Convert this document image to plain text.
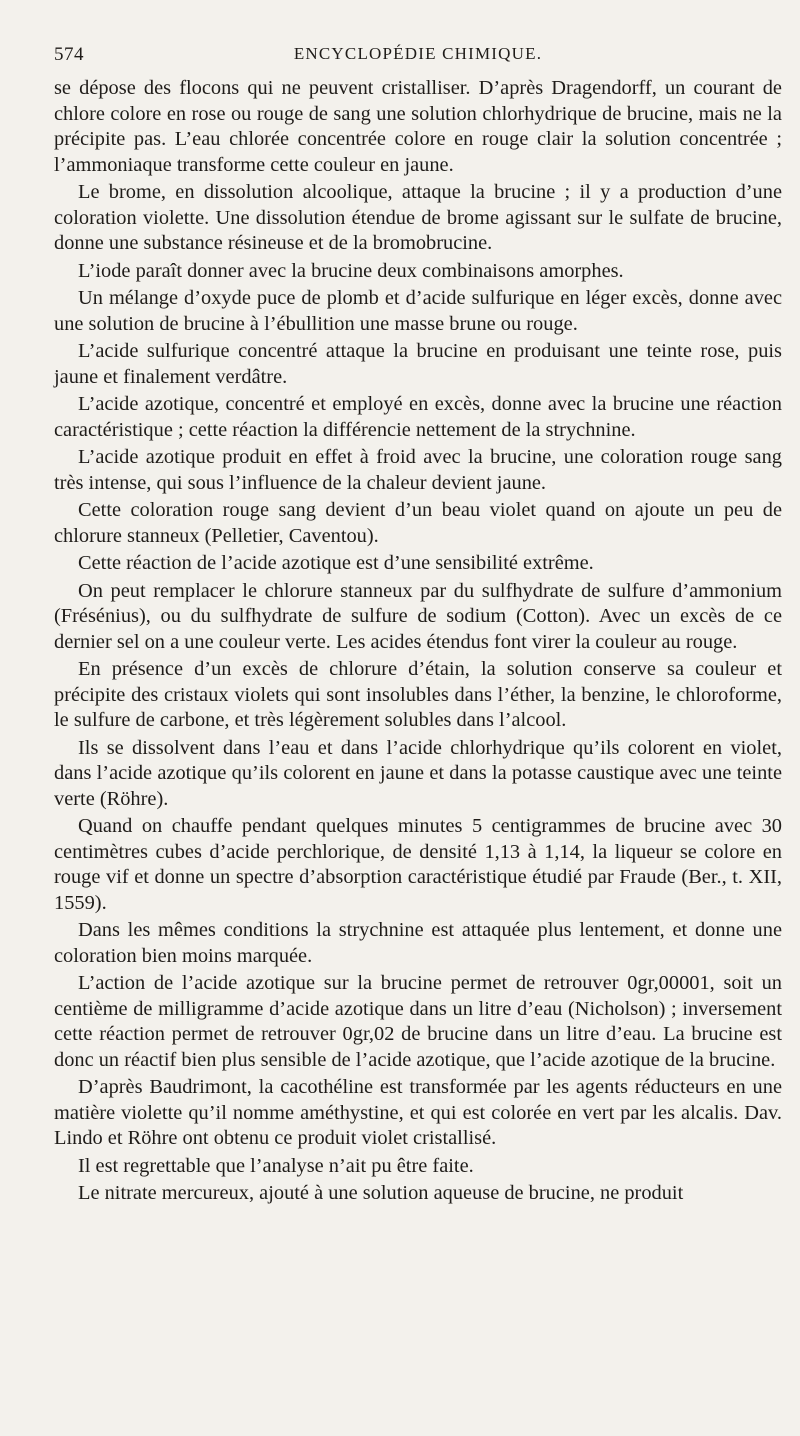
574	ENCYCLOPÉDIE CHIMIQUE.

se dépose des flocons qui ne peuvent cristalliser. D’après Dragendorff, un courant de chlore colore en rose ou rouge de sang une solution chlorhydrique de brucine, mais ne la précipite pas. L’eau chlorée concentrée colore en rouge clair la solution concentrée ; l’ammoniaque transforme cette couleur en jaune.

Le brome, en dissolution alcoolique, attaque la brucine ; il y a production d’une coloration violette. Une dissolution étendue de brome agissant sur le sulfate de brucine, donne une substance résineuse et de la bromobrucine.

L’iode paraît donner avec la brucine deux combinaisons amorphes.

Un mélange d’oxyde puce de plomb et d’acide sulfurique en léger excès, donne avec une solution de brucine à l’ébullition une masse brune ou rouge.

L’acide sulfurique concentré attaque la brucine en produisant une teinte rose, puis jaune et finalement verdâtre.

L’acide azotique, concentré et employé en excès, donne avec la brucine une réaction caractéristique ; cette réaction la différencie nettement de la strychnine.

L’acide azotique produit en effet à froid avec la brucine, une coloration rouge sang très intense, qui sous l’influence de la chaleur devient jaune.

Cette coloration rouge sang devient d’un beau violet quand on ajoute un peu de chlorure stanneux (Pelletier, Caventou).

Cette réaction de l’acide azotique est d’une sensibilité extrême.

On peut remplacer le chlorure stanneux par du sulfhydrate de sulfure d’ammonium (Frésénius), ou du sulfhydrate de sulfure de sodium (Cotton). Avec un excès de ce dernier sel on a une couleur verte. Les acides étendus font virer la couleur au rouge.

En présence d’un excès de chlorure d’étain, la solution conserve sa couleur et précipite des cristaux violets qui sont insolubles dans l’éther, la benzine, le chloroforme, le sulfure de carbone, et très légèrement solubles dans l’alcool.

Ils se dissolvent dans l’eau et dans l’acide chlorhydrique qu’ils colorent en violet, dans l’acide azotique qu’ils colorent en jaune et dans la potasse caustique avec une teinte verte (Röhre).

Quand on chauffe pendant quelques minutes 5 centigrammes de brucine avec 30 centimètres cubes d’acide perchlorique, de densité 1,13 à 1,14, la liqueur se colore en rouge vif et donne un spectre d’absorption caractéristique étudié par Fraude (Ber., t. XII, 1559).

Dans les mêmes conditions la strychnine est attaquée plus lentement, et donne une coloration bien moins marquée.

L’action de l’acide azotique sur la brucine permet de retrouver 0gr,00001, soit un centième de milligramme d’acide azotique dans un litre d’eau (Nicholson) ; inversement cette réaction permet de retrouver 0gr,02 de brucine dans un litre d’eau. La brucine est donc un réactif bien plus sensible de l’acide azotique, que l’acide azotique de la brucine.

D’après Baudrimont, la cacothéline est transformée par les agents réducteurs en une matière violette qu’il nomme améthystine, et qui est colorée en vert par les alcalis. Dav. Lindo et Röhre ont obtenu ce produit violet cristallisé.

Il est regrettable que l’analyse n’ait pu être faite.

Le nitrate mercureux, ajouté à une solution aqueuse de brucine, ne produit
